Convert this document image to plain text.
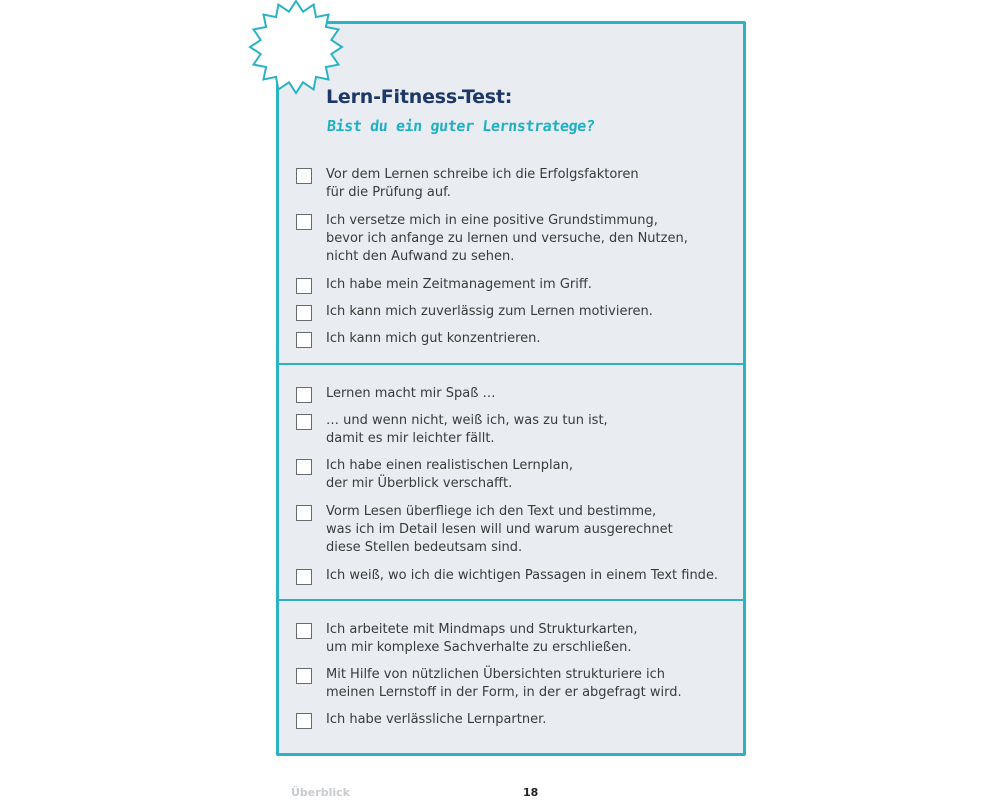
Lern-Fitness-Test:
Bist du ein guter Lernstratege?
Vor dem Lernen schreibe ich die Erfolgsfaktoren
für die Prüfung auf.
Ich versetze mich in eine positive Grundstimmung,
bevor ich anfange zu lernen und versuche, den Nutzen,
nicht den Aufwand zu sehen.
Ich habe mein Zeitmanagement im Griff.
Ich kann mich zuverlässig zum Lernen motivieren.
Ich kann mich gut konzentrieren.
Lernen macht mir Spaß …
… und wenn nicht, weiß ich, was zu tun ist,
damit es mir leichter fällt.
Ich habe einen realistischen Lernplan,
der mir Überblick verschafft.
Vorm Lesen überfliege ich den Text und bestimme,
was ich im Detail lesen will und warum ausgerechnet
diese Stellen bedeutsam sind.
Ich weiß, wo ich die wichtigen Passagen in einem Text finde.
Ich arbeitete mit Mindmaps und Strukturkarten,
um mir komplexe Sachverhalte zu erschließen.
Mit Hilfe von nützlichen Übersichten strukturiere ich
meinen Lernstoff in der Form, in der er abgefragt wird.
Ich habe verlässliche Lernpartner.
Überblick	18
